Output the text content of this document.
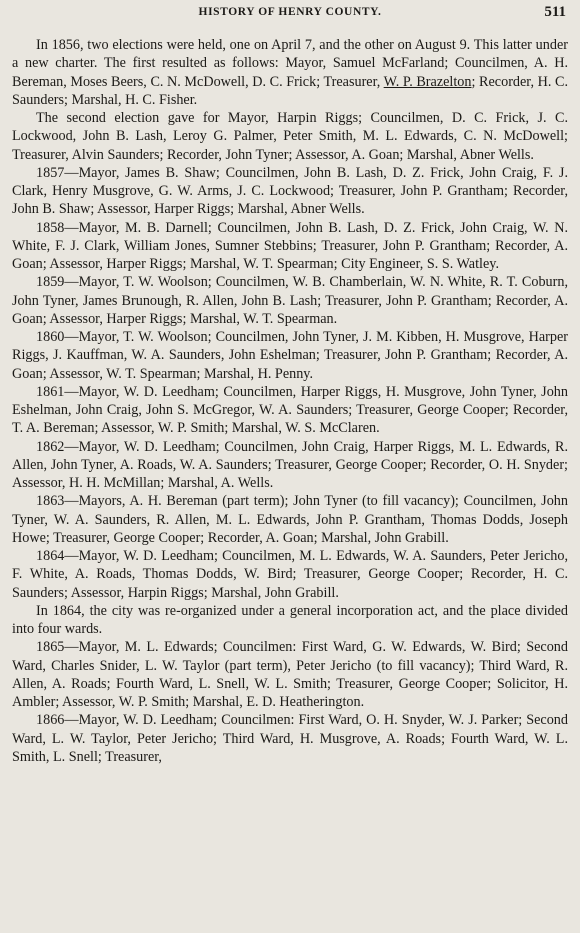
HISTORY OF HENRY COUNTY.	511

In 1856, two elections were held, one on April 7, and the other on August 9. This latter under a new charter. The first resulted as follows: Mayor, Samuel McFarland; Councilmen, A. H. Bereman, Moses Beers, C. N. McDowell, D. C. Frick; Treasurer, W. P. Brazelton; Recorder, H. C. Saunders; Marshal, H. C. Fisher.

The second election gave for Mayor, Harpin Riggs; Councilmen, D. C. Frick, J. C. Lockwood, John B. Lash, Leroy G. Palmer, Peter Smith, M. L. Edwards, C. N. McDowell; Treasurer, Alvin Saunders; Recorder, John Tyner; Assessor, A. Goan; Marshal, Abner Wells.

1857—Mayor, James B. Shaw; Councilmen, John B. Lash, D. Z. Frick, John Craig, F. J. Clark, Henry Musgrove, G. W. Arms, J. C. Lockwood; Treasurer, John P. Grantham; Recorder, John B. Shaw; Assessor, Harper Riggs; Marshal, Abner Wells.

1858—Mayor, M. B. Darnell; Councilmen, John B. Lash, D. Z. Frick, John Craig, W. N. White, F. J. Clark, William Jones, Sumner Stebbins; Treasurer, John P. Grantham; Recorder, A. Goan; Assessor, Harper Riggs; Marshal, W. T. Spearman; City Engineer, S. S. Watley.

1859—Mayor, T. W. Woolson; Councilmen, W. B. Chamberlain, W. N. White, R. T. Coburn, John Tyner, James Brunough, R. Allen, John B. Lash; Treasurer, John P. Grantham; Recorder, A. Goan; Assessor, Harper Riggs; Marshal, W. T. Spearman.

1860—Mayor, T. W. Woolson; Councilmen, John Tyner, J. M. Kibben, H. Musgrove, Harper Riggs, J. Kauffman, W. A. Saunders, John Eshelman; Treasurer, John P. Grantham; Recorder, A. Goan; Assessor, W. T. Spearman; Marshal, H. Penny.

1861—Mayor, W. D. Leedham; Councilmen, Harper Riggs, H. Musgrove, John Tyner, John Eshelman, John Craig, John S. McGregor, W. A. Saunders; Treasurer, George Cooper; Recorder, T. A. Bereman; Assessor, W. P. Smith; Marshal, W. S. McClaren.

1862—Mayor, W. D. Leedham; Councilmen, John Craig, Harper Riggs, M. L. Edwards, R. Allen, John Tyner, A. Roads, W. A. Saunders; Treasurer, George Cooper; Recorder, O. H. Snyder; Assessor, H. H. McMillan; Marshal, A. Wells.

1863—Mayors, A. H. Bereman (part term); John Tyner (to fill vacancy); Councilmen, John Tyner, W. A. Saunders, R. Allen, M. L. Edwards, John P. Grantham, Thomas Dodds, Joseph Howe; Treasurer, George Cooper; Recorder, A. Goan; Marshal, John Grabill.

1864—Mayor, W. D. Leedham; Councilmen, M. L. Edwards, W. A. Saunders, Peter Jericho, F. White, A. Roads, Thomas Dodds, W. Bird; Treasurer, George Cooper; Recorder, H. C. Saunders; Assessor, Harpin Riggs; Marshal, John Grabill.

In 1864, the city was re-organized under a general incorporation act, and the place divided into four wards.

1865—Mayor, M. L. Edwards; Councilmen: First Ward, G. W. Edwards, W. Bird; Second Ward, Charles Snider, L. W. Taylor (part term), Peter Jericho (to fill vacancy); Third Ward, R. Allen, A. Roads; Fourth Ward, L. Snell, W. L. Smith; Treasurer, George Cooper; Solicitor, H. Ambler; Assessor, W. P. Smith; Marshal, E. D. Heatherington.

1866—Mayor, W. D. Leedham; Councilmen: First Ward, O. H. Snyder, W. J. Parker; Second Ward, L. W. Taylor, Peter Jericho; Third Ward, H. Musgrove, A. Roads; Fourth Ward, W. L. Smith, L. Snell; Treasurer,
